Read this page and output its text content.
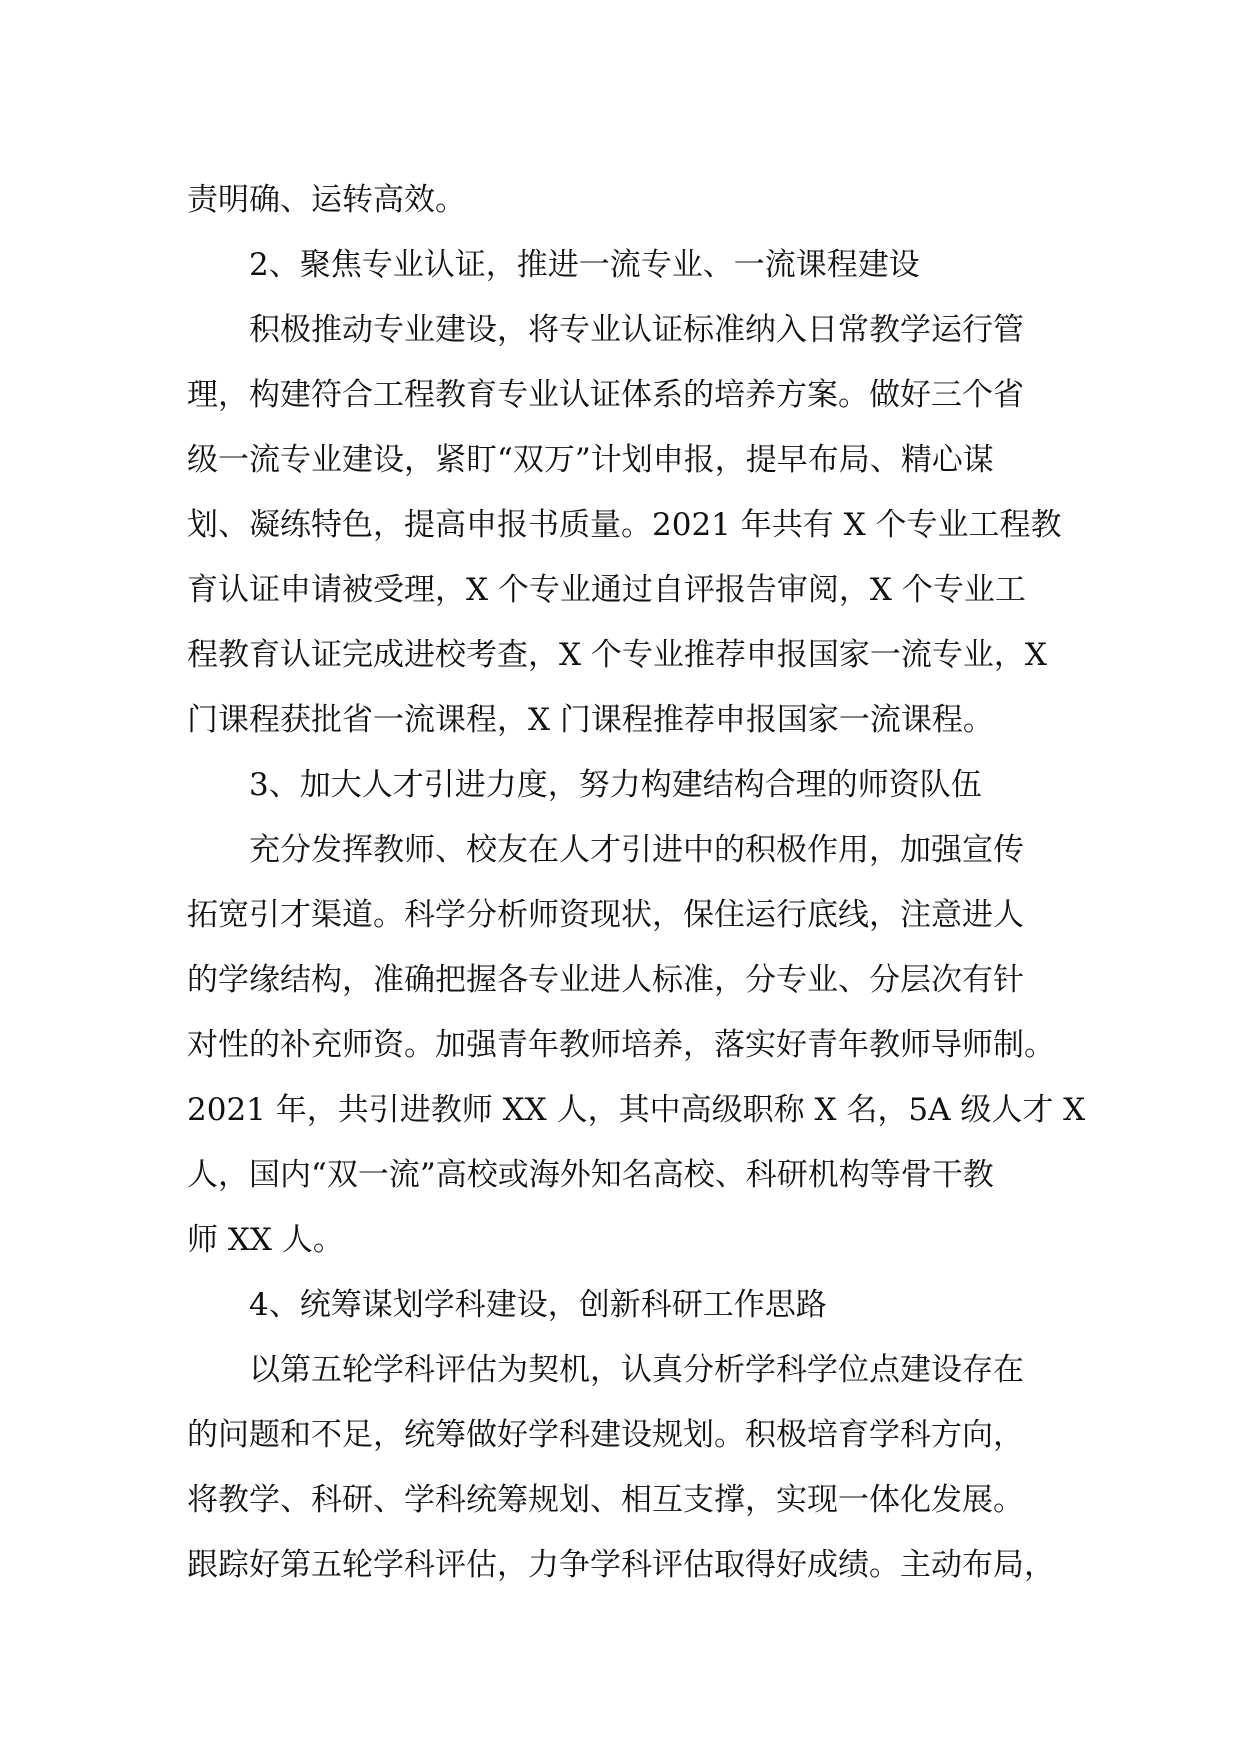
责明确、运转高效。

2、聚焦专业认证，推进一流专业、一流课程建设

积极推动专业建设，将专业认证标准纳入日常教学运行管

理，构建符合工程教育专业认证体系的培养方案。做好三个省

级一流专业建设，紧盯“双万”计划申报，提早布局、精心谋

划、凝练特色，提高申报书质量。2021 年共有 X 个专业工程教

育认证申请被受理，X 个专业通过自评报告审阅，X 个专业工

程教育认证完成进校考查，X 个专业推荐申报国家一流专业，X

门课程获批省一流课程，X 门课程推荐申报国家一流课程。

3、加大人才引进力度，努力构建结构合理的师资队伍

充分发挥教师、校友在人才引进中的积极作用，加强宣传

拓宽引才渠道。科学分析师资现状，保住运行底线，注意进人

的学缘结构，准确把握各专业进人标准，分专业、分层次有针

对性的补充师资。加强青年教师培养，落实好青年教师导师制。

2021 年，共引进教师 XX 人，其中高级职称 X 名，5A 级人才 X

人，国内“双一流”高校或海外知名高校、科研机构等骨干教

师 XX 人。

4、统筹谋划学科建设，创新科研工作思路

以第五轮学科评估为契机，认真分析学科学位点建设存在

的问题和不足，统筹做好学科建设规划。积极培育学科方向，

将教学、科研、学科统筹规划、相互支撑，实现一体化发展。

跟踪好第五轮学科评估，力争学科评估取得好成绩。主动布局，
